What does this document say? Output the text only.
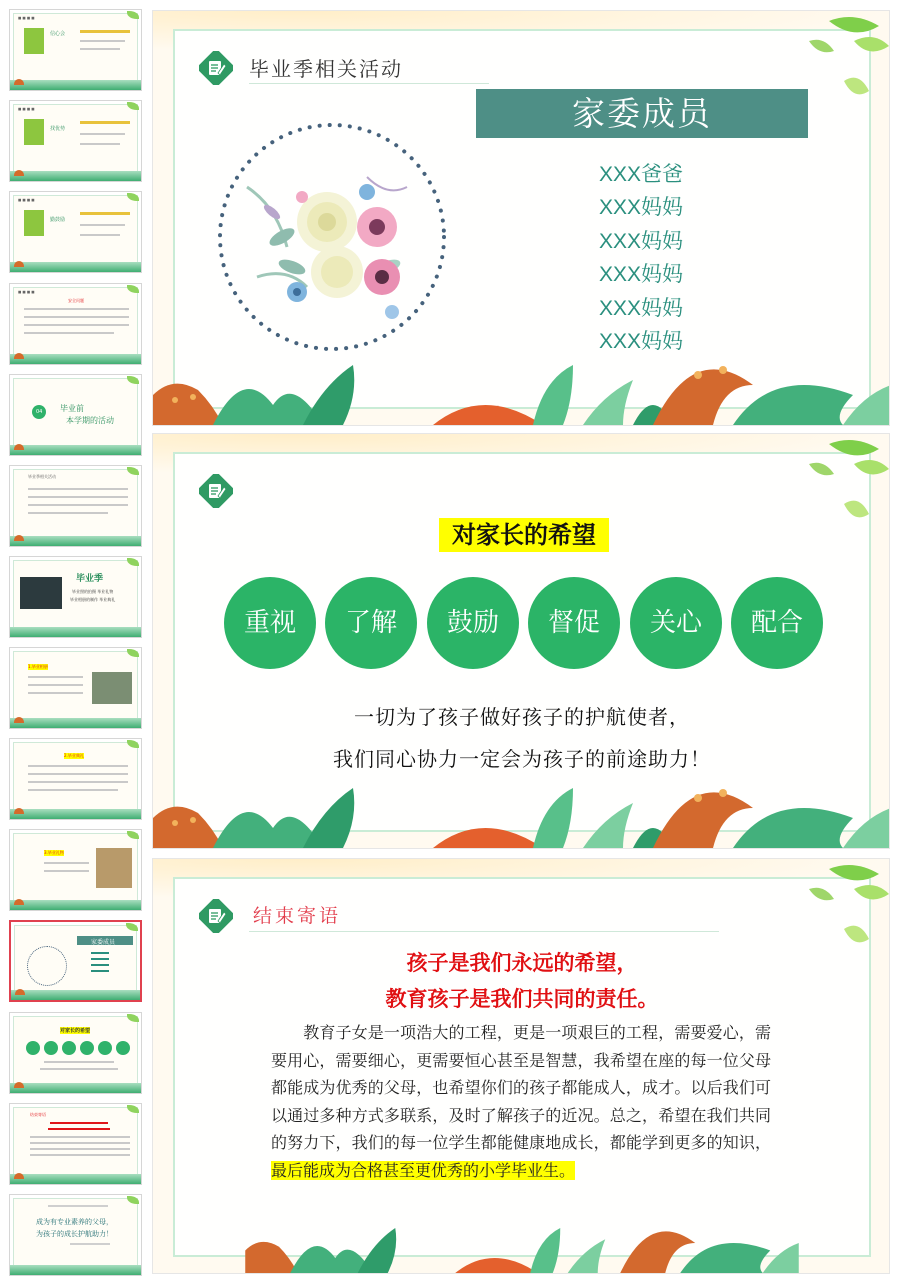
■ ■ ■ ■
信心会
■ ■ ■ ■
找优势
■ ■ ■ ■
勤鼓励
■ ■ ■ ■
安全问题
04 毕业前
本学期的活动
毕业季相关活动
毕业季
毕业照的拍摄 毕业礼物
毕业相册的制作 毕业典礼
1.毕业相册
2.毕业典礼
3.毕业礼物
家委成员
对家长的希望
结束寄语
成为有专业素养的父母，
为孩子的成长护航助力！
毕业季相关活动
家委成员
XXX爸爸
XXX妈妈
XXX妈妈
XXX妈妈
XXX妈妈
XXX妈妈
对家长的希望
重视	了解	鼓励	督促	关心	配合
一切为了孩子做好孩子的护航使者，
我们同心协力一定会为孩子的前途助力！
结束寄语
孩子是我们永远的希望，
教育孩子是我们共同的责任。
　　教育子女是一项浩大的工程，更是一项艰巨的工程，需要爱心，需要用心，需要细心，更需要恒心甚至是智慧，我希望在座的每一位父母都能成为优秀的父母，也希望你们的孩子都能成人，成才。以后我们可以通过多种方式多联系，及时了解孩子的近况。总之，希望在我们共同的努力下，我们的每一位学生都能健康地成长，都能学到更多的知识，最后能成为合格甚至更优秀的小学毕业生。
